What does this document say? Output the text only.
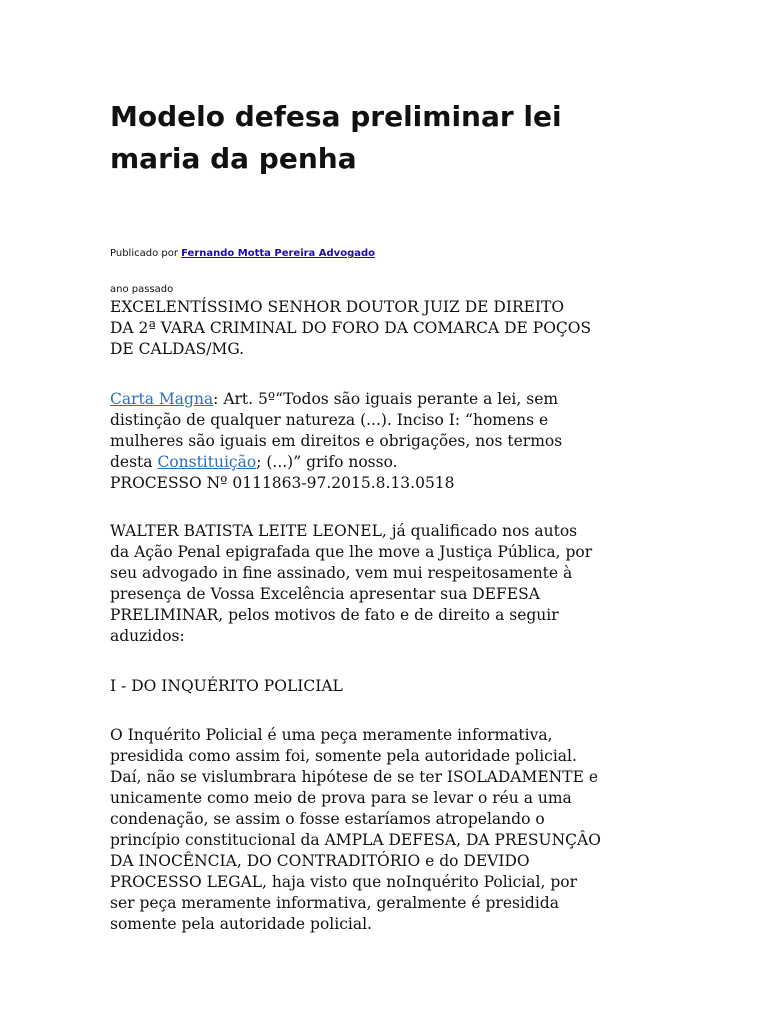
Modelo defesa preliminar lei
maria da penha
Publicado por Fernando Motta Pereira Advogado
ano passado

EXCELENTÍSSIMO SENHOR DOUTOR JUIZ DE DIREITO
DA 2ª VARA CRIMINAL DO FORO DA COMARCA DE POÇOS
DE CALDAS/MG.

Carta Magna: Art. 5º“Todos são iguais perante a lei, sem
distinção de qualquer natureza (...). Inciso I: “homens e
mulheres são iguais em direitos e obrigações, nos termos
desta Constituição; (...)” grifo nosso.
PROCESSO Nº 0111863-97.2015.8.13.0518

WALTER BATISTA LEITE LEONEL, já qualificado nos autos
da Ação Penal epigrafada que lhe move a Justiça Pública, por
seu advogado in fine assinado, vem mui respeitosamente à
presença de Vossa Excelência apresentar sua DEFESA
PRELIMINAR, pelos motivos de fato e de direito a seguir
aduzidos:

I - DO INQUÉRITO POLICIAL

O Inquérito Policial é uma peça meramente informativa,
presidida como assim foi, somente pela autoridade policial.
Daí, não se vislumbrara hipótese de se ter ISOLADAMENTE e
unicamente como meio de prova para se levar o réu a uma
condenação, se assim o fosse estaríamos atropelando o
princípio constitucional da AMPLA DEFESA, DA PRESUNÇÂO
DA INOCÊNCIA, DO CONTRADITÓRIO e do DEVIDO
PROCESSO LEGAL, haja visto que noInquérito Policial, por
ser peça meramente informativa, geralmente é presidida
somente pela autoridade policial.
